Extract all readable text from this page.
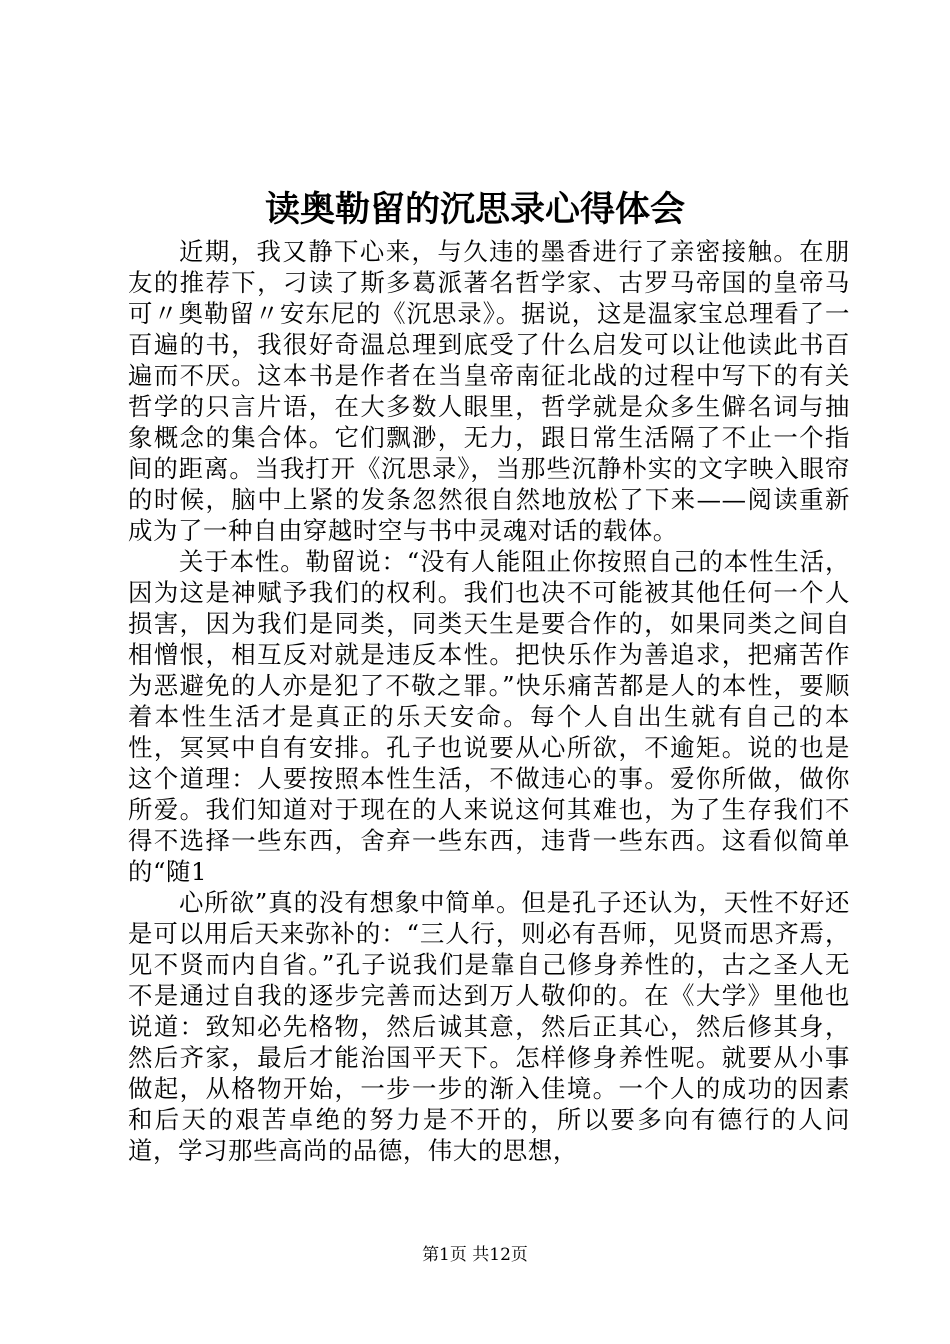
读奥勒留的沉思录心得体会

近期，我又静下心来，与久违的墨香进行了亲密接触。在朋友的推荐下，刁读了斯多葛派著名哲学家、古罗马帝国的皇帝马可〃奥勒留〃安东尼的《沉思录》。据说，这是温家宝总理看了一百遍的书，我很好奇温总理到底受了什么启发可以让他读此书百遍而不厌。这本书是作者在当皇帝南征北战的过程中写下的有关哲学的只言片语，在大多数人眼里，哲学就是众多生僻名词与抽象概念的集合体。它们飘渺，无力，跟日常生活隔了不止一个指间的距离。当我打开《沉思录》，当那些沉静朴实的文字映入眼帘的时候，脑中上紧的发条忽然很自然地放松了下来——阅读重新成为了一种自由穿越时空与书中灵魂对话的载体。

关于本性。勒留说：“没有人能阻止你按照自己的本性生活，因为这是神赋予我们的权利。我们也决不可能被其他任何一个人损害，因为我们是同类，同类天生是要合作的，如果同类之间自相憎恨，相互反对就是违反本性。把快乐作为善追求，把痛苦作为恶避免的人亦是犯了不敬之罪。”快乐痛苦都是人的本性，要顺着本性生活才是真正的乐天安命。每个人自出生就有自己的本性，冥冥中自有安排。孔子也说要从心所欲，不逾矩。说的也是这个道理：人要按照本性生活，不做违心的事。爱你所做，做你所爱。我们知道对于现在的人来说这何其难也，为了生存我们不得不选择一些东西，舍弃一些东西，违背一些东西。这看似简单的“随1

心所欲”真的没有想象中简单。但是孔子还认为，天性不好还是可以用后天来弥补的：“三人行，则必有吾师，见贤而思齐焉，见不贤而内自省。”孔子说我们是靠自己修身养性的，古之圣人无不是通过自我的逐步完善而达到万人敬仰的。在《大学》里他也说道：致知必先格物，然后诚其意，然后正其心，然后修其身，然后齐家，最后才能治国平天下。怎样修身养性呢。就要从小事做起，从格物开始，一步一步的渐入佳境。一个人的成功的因素和后天的艰苦卓绝的努力是不开的，所以要多向有德行的人问道，学习那些高尚的品德，伟大的思想，

第1页 共12页
